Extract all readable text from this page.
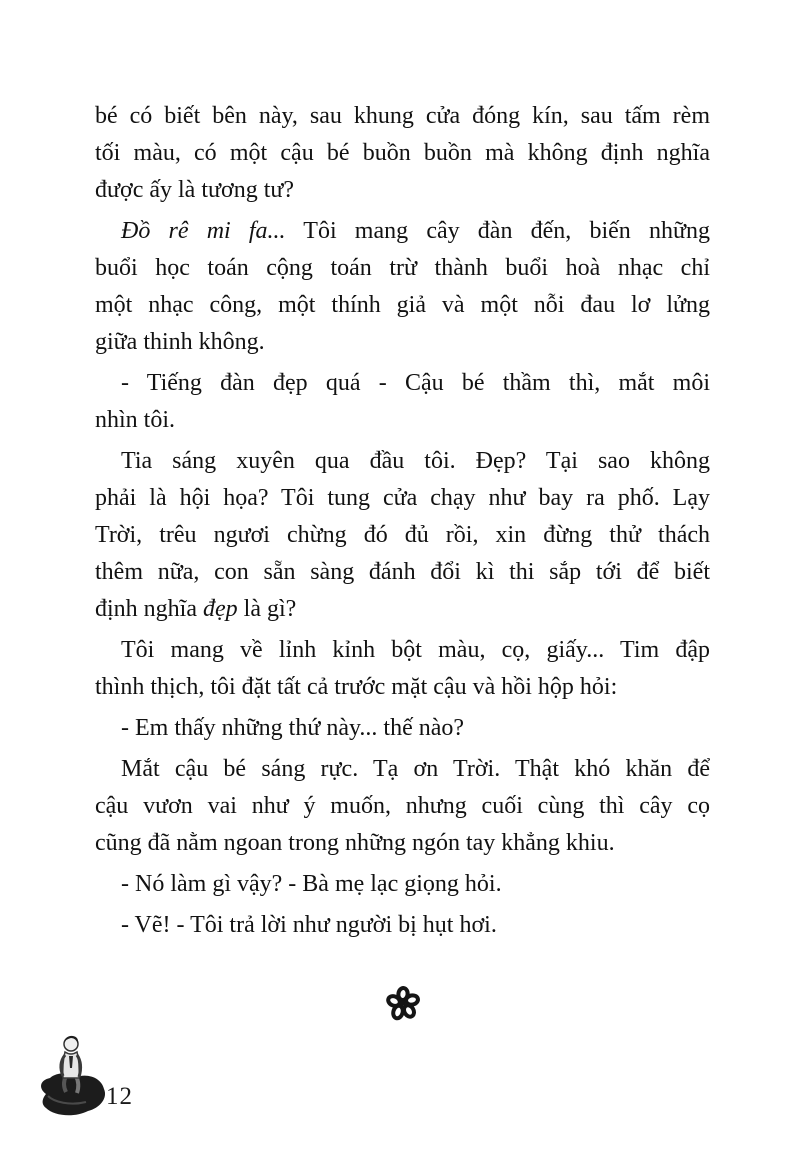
bé có biết bên này, sau khung cửa đóng kín, sau tấm rèm
tối màu, có một cậu bé buồn buồn mà không định nghĩa
được ấy là tương tư?

Đồ rê mi fa... Tôi mang cây đàn đến, biến những
buổi học toán cộng toán trừ thành buổi hoà nhạc chỉ
một nhạc công, một thính giả và một nỗi đau lơ lửng
giữa thinh không.

- Tiếng đàn đẹp quá - Cậu bé thầm thì, mắt môi
nhìn tôi.

Tia sáng xuyên qua đầu tôi. Đẹp? Tại sao không
phải là hội họa? Tôi tung cửa chạy như bay ra phố. Lạy
Trời, trêu ngươi chừng đó đủ rồi, xin đừng thử thách
thêm nữa, con sẵn sàng đánh đổi kì thi sắp tới để biết
định nghĩa đẹp là gì?

Tôi mang về lỉnh kỉnh bột màu, cọ, giấy... Tim đập
thình thịch, tôi đặt tất cả trước mặt cậu và hồi hộp hỏi:

- Em thấy những thứ này... thế nào?

Mắt cậu bé sáng rực. Tạ ơn Trời. Thật khó khăn để
cậu vươn vai như ý muốn, nhưng cuối cùng thì cây cọ
cũng đã nằm ngoan trong những ngón tay khẳng khiu.

- Nó làm gì vậy? - Bà mẹ lạc giọng hỏi.

- Vẽ! - Tôi trả lời như người bị hụt hơi.

12
